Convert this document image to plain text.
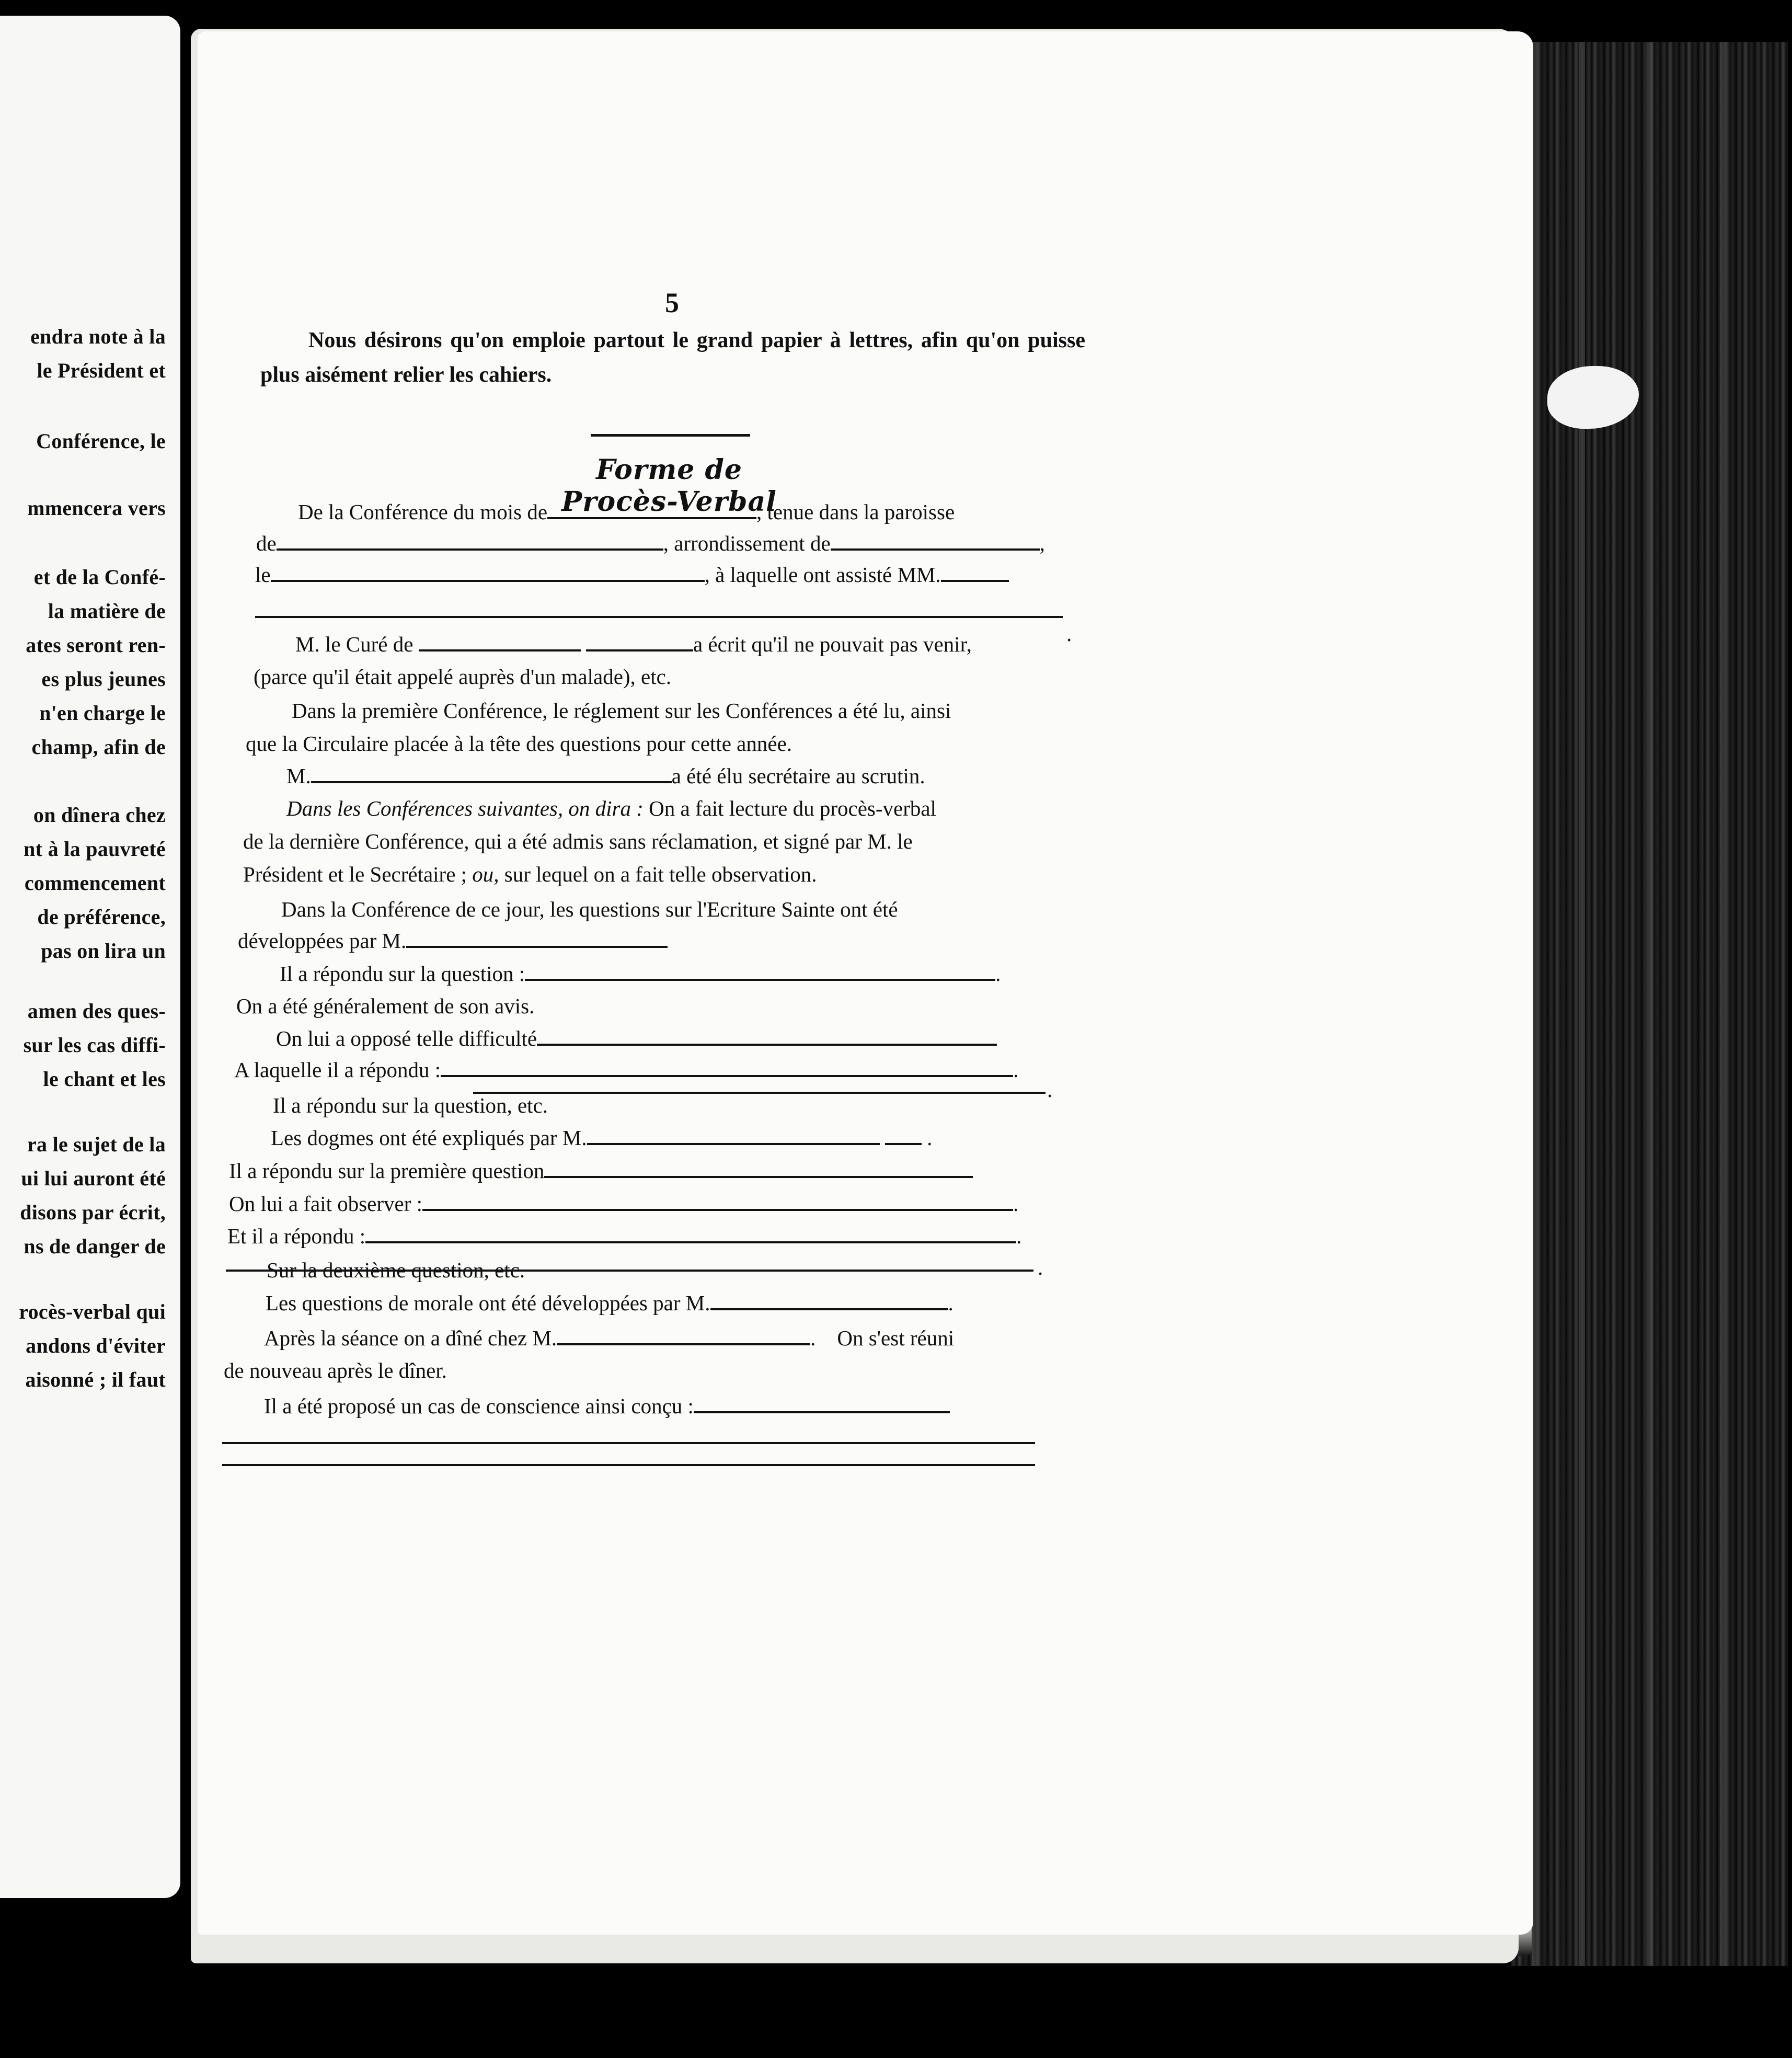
endra note à la
le Président et
Conférence, le
mmencera vers
et de la Confé-
la matière de
ates seront ren-
es plus jeunes
n'en charge le
champ, afin de
on dînera chez
nt à la pauvreté
commencement
de préférence,
pas on lira un
amen des ques-
sur les cas diffi-
le chant et les
ra le sujet de la
ui lui auront été
disons par écrit,
ns de danger de
rocès-verbal qui
andons d'éviter
aisonné ; il faut
5
Nous désirons qu'on emploie partout le grand papier à lettres, afin qu'on puisse plus aisément relier les cahiers.
Forme de Procès-Verbal
De la Conférence du mois de	, tenue dans la paroisse
de	, arrondissement de	,
le	, à laquelle ont assisté MM.
.
M. le Curé de	a écrit qu'il ne pouvait pas venir,
(parce qu'il était appelé auprès d'un malade), etc.
Dans la première Conférence, le réglement sur les Conférences a été lu, ainsi
que la Circulaire placée à la tête des questions pour cette année.
M.	a été élu secrétaire au scrutin.
Dans les Conférences suivantes, on dira : On a fait lecture du procès-verbal
de la dernière Conférence, qui a été admis sans réclamation, et signé par M. le
Président et le Secrétaire ; ou, sur lequel on a fait telle observation.
Dans la Conférence de ce jour, les questions sur l'Ecriture Sainte ont été
développées par M.
Il a répondu sur la question :	.
On a été généralement de son avis.
On lui a opposé telle difficulté
A laquelle il a répondu :	.
.
Il a répondu sur la question, etc.
Les dogmes ont été expliqués par M.	.
Il a répondu sur la première question
On lui a fait observer :	.
Et il a répondu :	.
.
Sur la deuxième question, etc.
Les questions de morale ont été développées par M.	.
Après la séance on a dîné chez M.	. On s'est réuni
de nouveau après le dîner.
Il a été proposé un cas de conscience ainsi conçu :
